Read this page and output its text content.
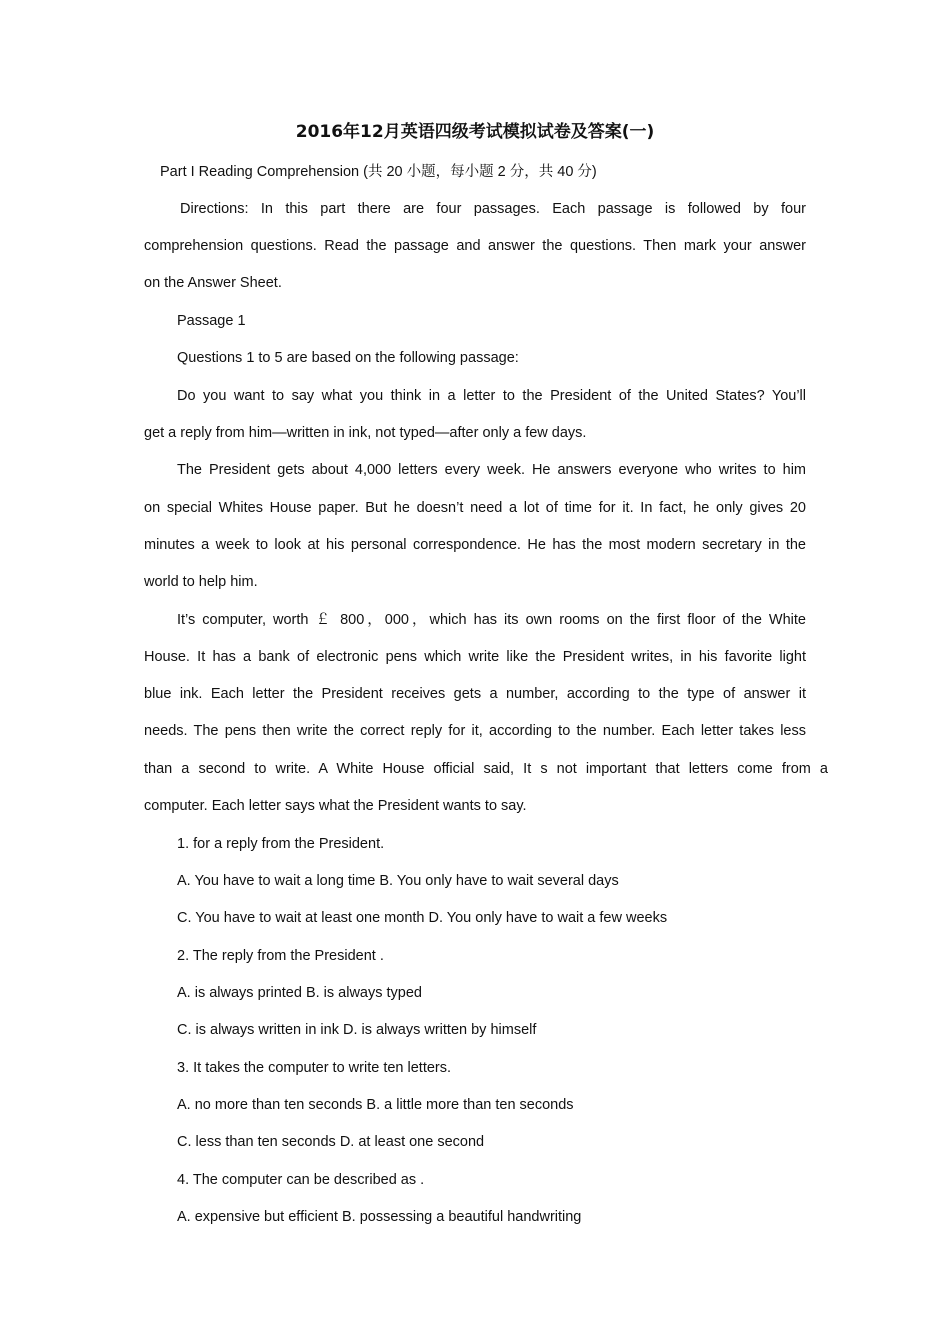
2016年12月英语四级考试模拟试卷及答案(一)
Part I Reading Comprehension (共 20 小题，每小题 2 分，共 40 分)
Directions: In this part there are four passages. Each passage is followed by four
comprehension questions. Read the passage and answer the questions. Then mark your answer
on the Answer Sheet.
Passage 1
Questions 1 to 5 are based on the following passage:
Do you want to say what you think in a letter to the President of the United States? You’ll
get a reply from him—written in ink, not typed—after only a few days.
The President gets about 4,000 letters every week. He answers everyone who writes to him
on special Whites House paper. But he doesn’t need a lot of time for it. In fact, he only gives 20
minutes a week to look at his personal correspondence. He has the most modern secretary in the
world to help him.
It’s computer, worth ￡ 800，000，which has its own rooms on the first floor of the White
House. It has a bank of electronic pens which write like the President writes, in his favorite light
blue ink. Each letter the President receives gets a number, according to the type of answer it
needs. The pens then write the correct reply for it, according to the number. Each letter takes less
than a second to write. A White House official said, It s not important that letters come from a
computer. Each letter says what the President wants to say.
1. for a reply from the President.
A. You have to wait a long time B. You only have to wait several days
C. You have to wait at least one month D. You only have to wait a few weeks
2. The reply from the President .
A. is always printed B. is always typed
C. is always written in ink D. is always written by himself
3. It takes the computer to write ten letters.
A. no more than ten seconds B. a little more than ten seconds
C. less than ten seconds D. at least one second
4. The computer can be described as .
A. expensive but efficient B. possessing a beautiful handwriting
